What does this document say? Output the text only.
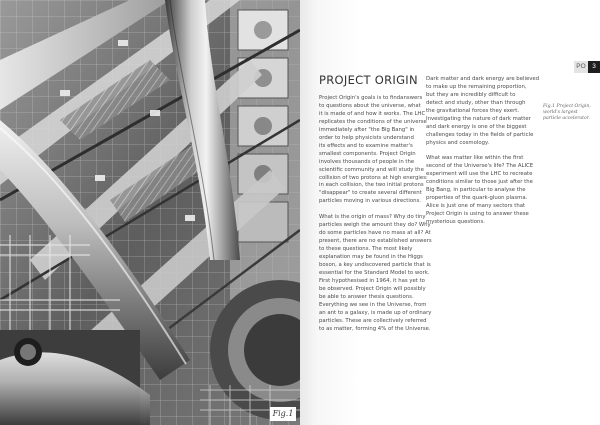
Fig.1
PROJECT ORIGIN

Project Origin's goals is to findanswers
to questions about the universe, what
it is made of and how it works. The LHC
replicates the conditions of the universe
immediately after "the Big Bang" in
order to help physicists understand
its effects and to examine matter's
smallest components. Project Origin
involves thousands of people in the
scientific community and will study the
collision of two protons at high energies:
in each collision, the two initial protons
"disappear" to create several different
particles moving in various directions.

What is the origin of mass? Why do tiny
particles weigh the amount they do? Why
do some particles have no mass at all? At
present, there are no established answers
to these questions. The most likely
explanation may be found in the Higgs
boson, a key undiscovered particle that is
essential for the Standard Model to work.
First hypothesised in 1964, it has yet to
be observed. Project Origin will possibly
be able to answer thesis questions.
Everything we see in the Universe, from
an ant to a galaxy, is made up of ordinary
particles. These are collectively referred
to as matter, forming 4% of the Universe.

Dark matter and dark energy are believed
to make up the remaining proportion,
but they are incredibly difficult to
detect and study, other than through
the gravitational forces they exert.
Investigating the nature of dark matter
and dark energy is one of the biggest
challenges today in the fields of particle
physics and cosmology.

What was matter like within the first
second of the Universe's life? The ALICE
experiment will use the LHC to recreate
conditions similar to those just after the
Big Bang, in particular to analyse the
properties of the quark-gluon plasma.
Alice is just one of many sectors that
Project Origin is using to answer these
mysterious questions.

PO 3
Fig.1 Project Origin,
world's largest
particle accelerator.
